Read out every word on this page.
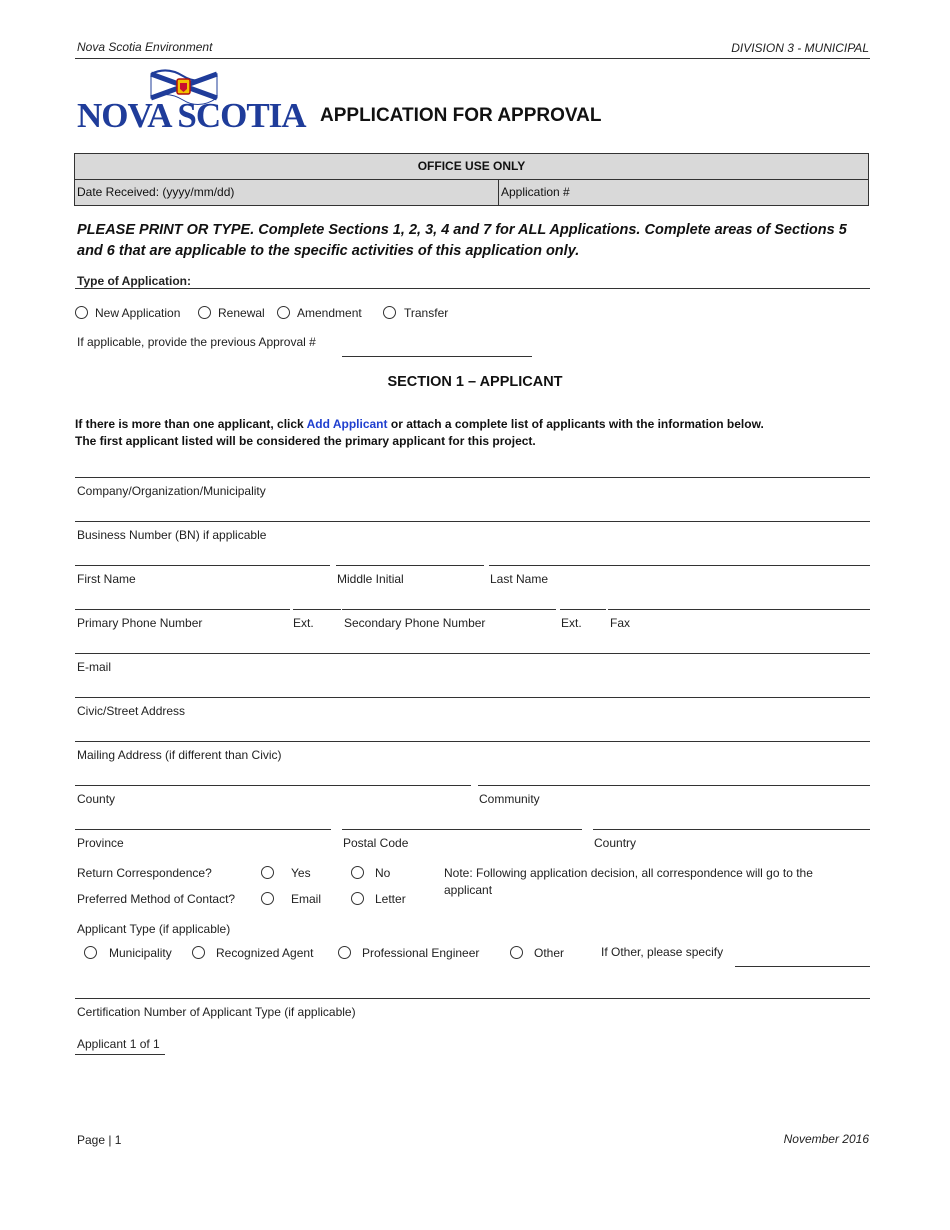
Nova Scotia Environment	DIVISION 3 - MUNICIPAL
NOVA SCOTIA APPLICATION FOR APPROVAL
OFFICE USE ONLY
Date Received: (yyyy/mm/dd)	Application #
PLEASE PRINT OR TYPE. Complete Sections 1, 2, 3, 4 and 7 for ALL Applications. Complete areas of Sections 5 and 6 that are applicable to the specific activities of this application only.
Type of Application:
New Application	Renewal	Amendment	Transfer
If applicable, provide the previous Approval #
SECTION 1 – APPLICANT
If there is more than one applicant, click Add Applicant or attach a complete list of applicants with the information below.
The first applicant listed will be considered the primary applicant for this project.
Company/Organization/Municipality
Business Number (BN) if applicable
First Name	Middle Initial	Last Name
Primary Phone Number	Ext.	Secondary Phone Number	Ext. Fax
E-mail
Civic/Street Address
Mailing Address (if different than Civic)
County	Community
Province	Postal Code	Country
Return Correspondence?	Yes	No
Preferred Method of Contact?	Email	Letter
Note: Following application decision, all correspondence will go to the applicant
Applicant Type (if applicable)
Municipality	Recognized Agent	Professional Engineer	Other	If Other, please specify
Certification Number of Applicant Type (if applicable)
Applicant 1 of 1
Page | 1	November 2016
